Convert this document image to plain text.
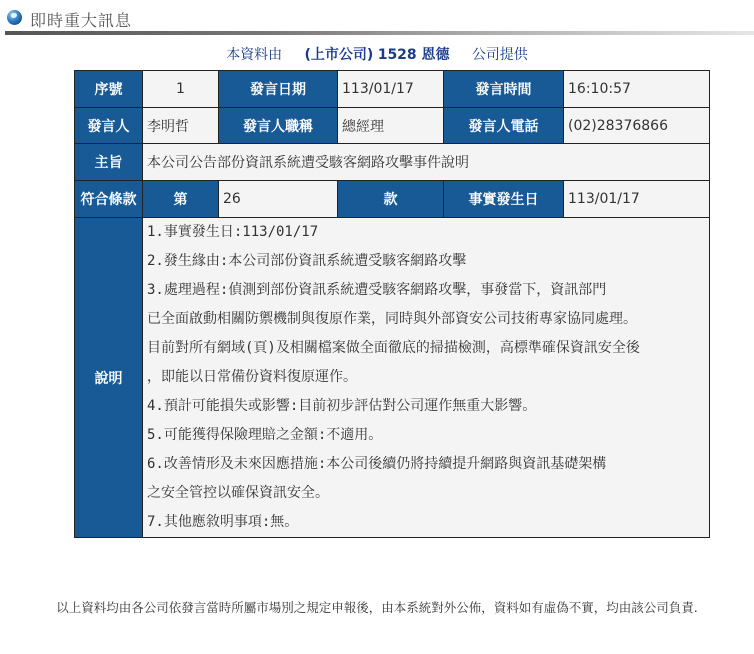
即時重大訊息
本資料由 (上市公司) 1528 恩德 公司提供
序號	1	發言日期	113/01/17	發言時間	16:10:57
發言人	李明哲	發言人職稱	總經理	發言人電話	(02)28376866
主旨	本公司公告部份資訊系統遭受駭客網路攻擊事件說明				
符合條款	第	26	款	事實發生日	113/01/17
說明	
1.事實發生日:113/01/17
2.發生緣由:本公司部份資訊系統遭受駭客網路攻擊
3.處理過程:偵測到部份資訊系統遭受駭客網路攻擊，事發當下，資訊部門
已全面啟動相關防禦機制與復原作業，同時與外部資安公司技術專家協同處理。
目前對所有網域(頁)及相關檔案做全面徹底的掃描檢測，高標準確保資訊安全後
，即能以日常備份資料復原運作。
4.預計可能損失或影響:目前初步評估對公司運作無重大影響。
5.可能獲得保險理賠之金額:不適用。
6.改善情形及未來因應措施:本公司後續仍將持續提升網路與資訊基礎架構
之安全管控以確保資訊安全。
7.其他應敘明事項:無。
以上資料均由各公司依發言當時所屬市場別之規定申報後，由本系統對外公佈，資料如有虛偽不實，均由該公司負責.
